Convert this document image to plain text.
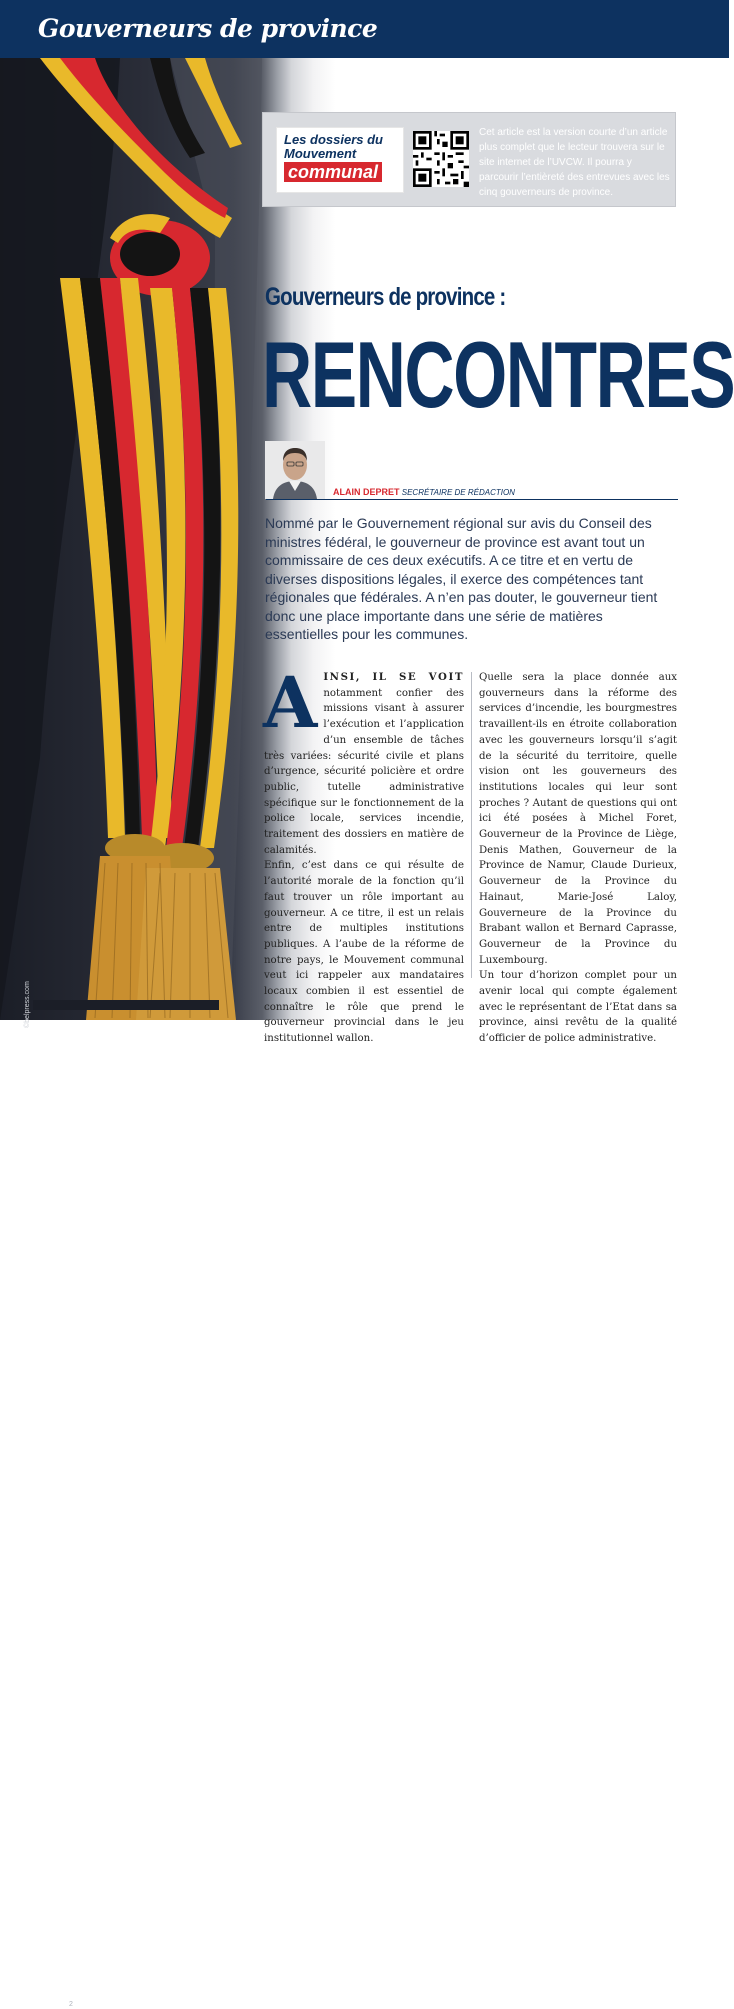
Gouverneurs de province
©belpress.com
Les dossiers du
Mouvement
communal
Cet article est la version courte d’un article plus complet que le lecteur trouvera sur le site internet de l’UVCW. Il pourra y parcourir l’entièreté des entrevues avec les cinq gouverneurs de province.
Gouverneurs de province :
RENCONTRES
ALAIN DEPRET SECRÉTAIRE DE RÉDACTION
Nommé par le Gouvernement régional sur avis du Conseil des ministres fédéral, le gouverneur de province est avant tout un commissaire de ces deux exécutifs. A ce titre et en vertu de diverses dispositions légales, il exerce des compétences tant régionales que fédérales. A n’en pas douter, le gouverneur tient donc une place importante dans une série de matières essentielles pour les communes.
AINSI, IL SE VOIT notamment confier des missions visant à assurer l’exécution et l’application d’un ensemble de tâches très variées: sécurité civile et plans d’urgence, sécurité policière et ordre public, tutelle administrative spécifique sur le fonctionnement de la police locale, services incendie, traitement des dossiers en matière de calamités.
Enfin, c’est dans ce qui résulte de l’autorité morale de la fonction qu’il faut trouver un rôle important au gouverneur. A ce titre, il est un relais entre de multiples institutions publiques. A l’aube de la réforme de notre pays, le Mouvement communal veut ici rappeler aux mandataires locaux combien il est essentiel de connaître le rôle que prend le gouverneur provincial dans le jeu institutionnel wallon.
Quelle sera la place donnée aux gouverneurs dans la réforme des services d’incendie, les bourgmestres travaillent-ils en étroite collaboration avec les gouverneurs lorsqu’il s’agit de la sécurité du territoire, quelle vision ont les gouverneurs des institutions locales qui leur sont proches ? Autant de questions qui ont ici été posées à Michel Foret, Gouverneur de la Province de Liège, Denis Mathen, Gouverneur de la Province de Namur, Claude Durieux, Gouverneur de la Province du Hainaut, Marie-José Laloy, Gouverneure de la Province du Brabant wallon et Bernard Caprasse, Gouverneur de la Province du Luxembourg.
Un tour d’horizon complet pour un avenir local qui compte également avec le représentant de l’Etat dans sa province, ainsi revêtu de la qualité d’officier de police administrative.
2
